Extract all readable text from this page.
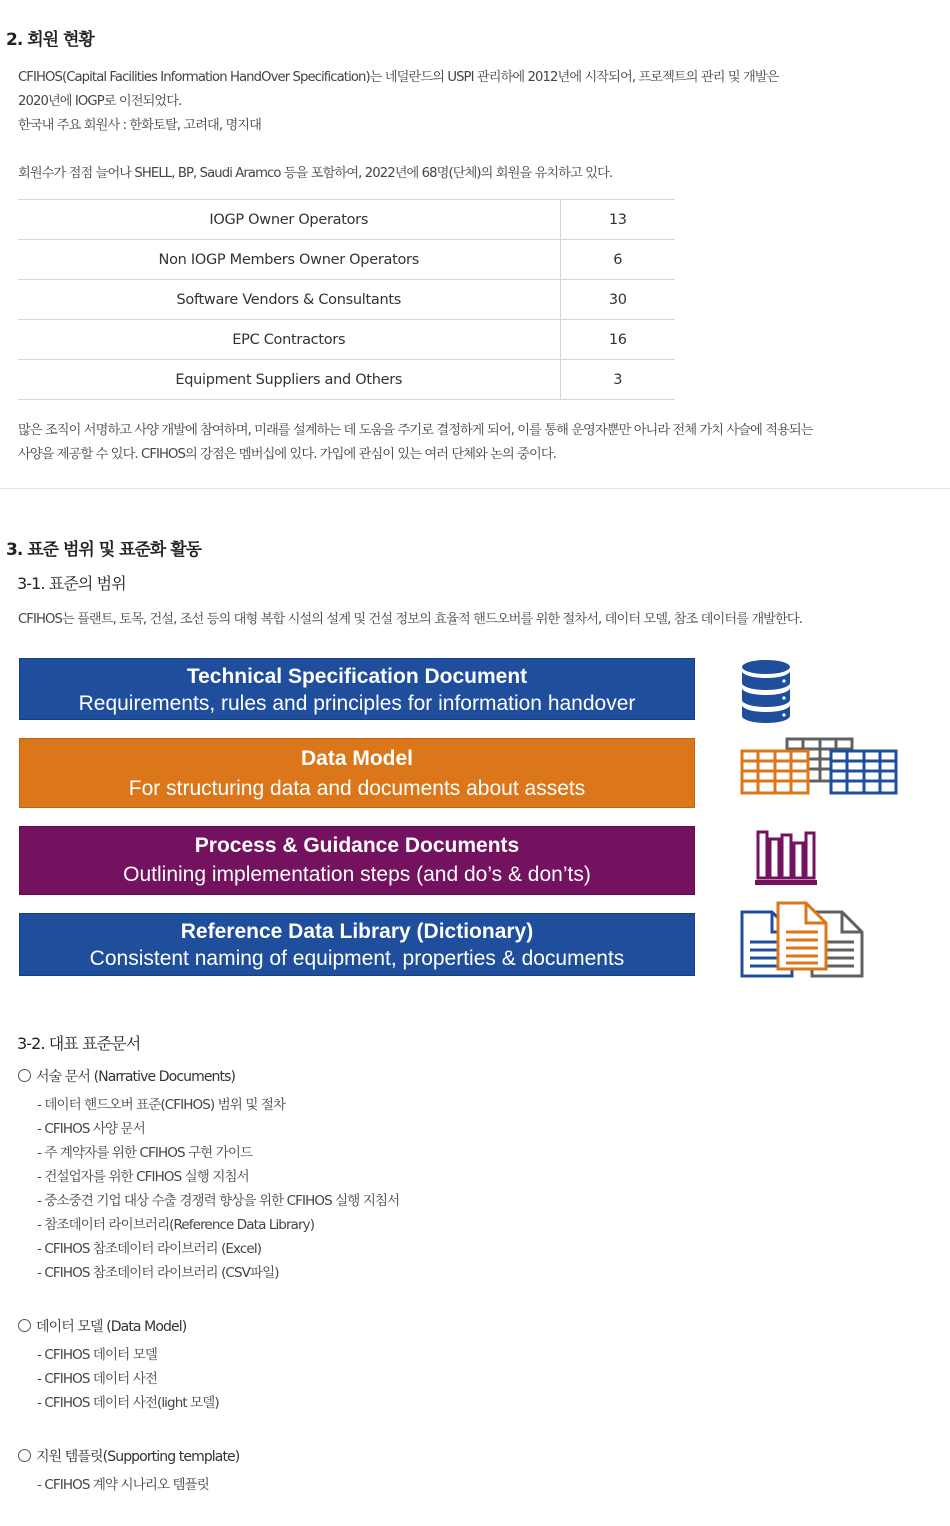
2. 회원 현황
CFIHOS(Capital Facilities Information HandOver Specification)는 네덜란드의 USPI 관리하에 2012년에 시작되어, 프로젝트의 관리 및 개발은
2020년에 IOGP로 이전되었다.
한국내 주요 회원사 : 한화토탈, 고려대, 명지대
회원수가 점점 늘어나 SHELL, BP, Saudi Aramco 등을 포함하여, 2022년에 68명(단체)의 회원을 유치하고 있다.
IOGP Owner Operators	13
Non IOGP Members Owner Operators	6
Software Vendors & Consultants	30
EPC Contractors	16
Equipment Suppliers and Others	3
많은 조직이 서명하고 사양 개발에 참여하며, 미래를 설계하는 데 도움을 주기로 결정하게 되어, 이를 통해 운영자뿐만 아니라 전체 가치 사슬에 적용되는
사양을 제공할 수 있다. CFIHOS의 강점은 멤버십에 있다. 가입에 관심이 있는 여러 단체와 논의 중이다.
3. 표준 범위 및 표준화 활동
3-1. 표준의 범위
CFIHOS는 플랜트, 토목, 건설, 조선 등의 대형 복합 시설의 설계 및 건설 정보의 효율적 핸드오버를 위한 절차서, 데이터 모델, 참조 데이터를 개발한다.
Technical Specification Document
Requirements, rules and principles for information handover
Data Model
For structuring data and documents about assets
Process & Guidance Documents
Outlining implementation steps (and do’s & don’ts)
Reference Data Library (Dictionary)
Consistent naming of equipment, properties & documents
3-2. 대표 표준문서
서술 문서 (Narrative Documents)
- 데이터 핸드오버 표준(CFIHOS) 범위 및 절차
- CFIHOS 사양 문서
- 주 계약자를 위한 CFIHOS 구현 가이드
- 건설업자를 위한 CFIHOS 실행 지침서
- 중소중견 기업 대상 수출 경쟁력 향상을 위한 CFIHOS 실행 지침서
- 참조데이터 라이브러리(Reference Data Library)
- CFIHOS 참조데이터 라이브러리 (Excel)
- CFIHOS 참조데이터 라이브러리 (CSV파일)
데이터 모델 (Data Model)
- CFIHOS 데이터 모델
- CFIHOS 데이터 사전
- CFIHOS 데이터 사전(light 모델)
지원 템플릿(Supporting template)
- CFIHOS 계약 시나리오 템플릿
